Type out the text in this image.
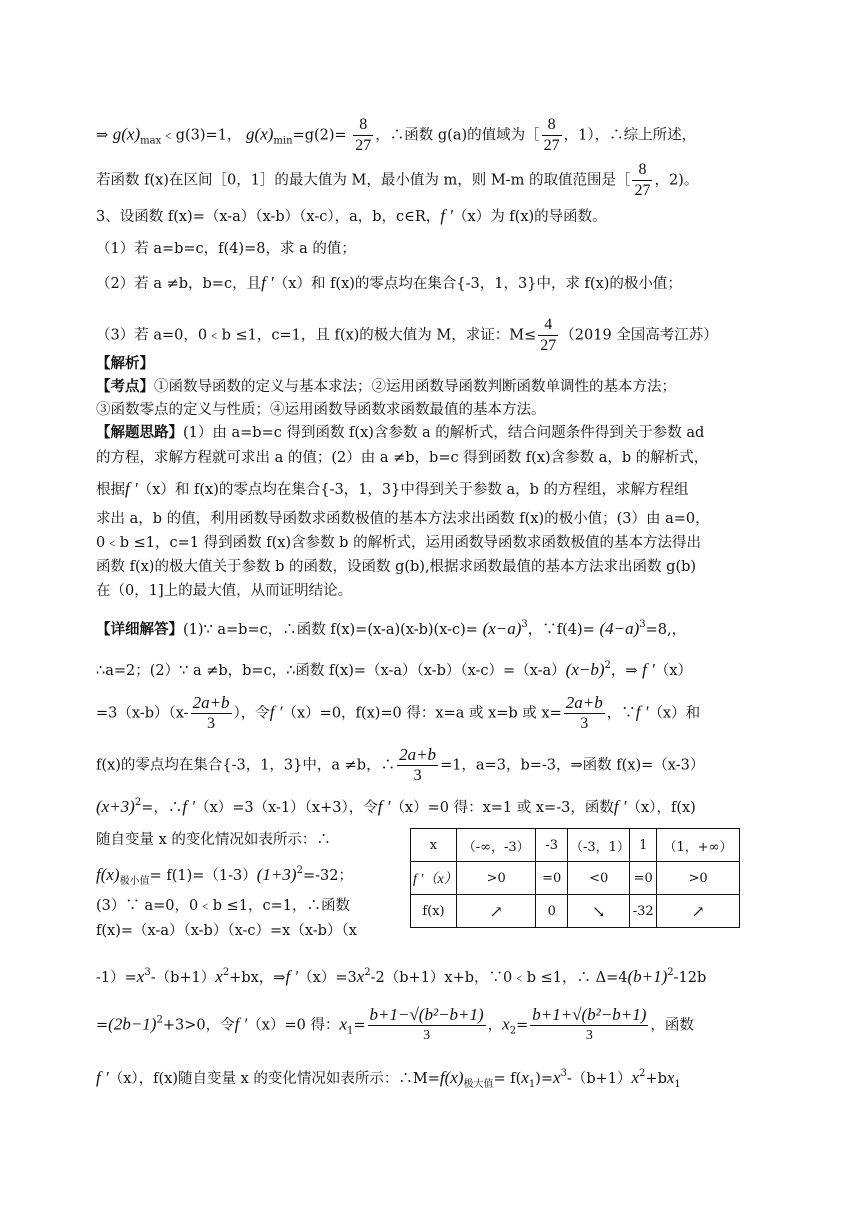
⇒ $g(x)_{max}﹤g(3)=1$， $g(x)_{min}=g(2)= \frac{8}{27}$ ，∴函数 g(a)的值域为［ $\frac{8}{27}$ ，1），∴综上所述，
若函数 f(x)在区间［0，1］的最大值为 M，最小值为 m，则 M-m 的取值范围是［ $\frac{8}{27}$ ，2)。
3、设函数 f(x)=（x-a）（x-b）（x-c），a，b，c∈R，f ′（x）为 f(x)的导函数。
（1）若 a=b=c，f(4)=8，求 a 的值；
（2）若 a ≠b，b=c，且f ′（x）和 f(x)的零点均在集合{-3，1，3}中，求 f(x)的极小值；
（3）若 a=0，0﹤b ≤1，c=1，且 f(x)的极大值为 M，求证：$M\le \frac{4}{27} (2019$ 全国高考江苏）
【解析】
【考点】①函数导函数的定义与基本求法；②运用函数导函数判断函数单调性的基本方法；
③函数零点的定义与性质；④运用函数导函数求函数最值的基本方法。
【解题思路】(1）由 a=b=c 得到函数 f(x)含参数 a 的解析式，结合问题条件得到关于参数 ad
的方程，求解方程就可求出 a 的值；(2）由 a ≠b，b=c 得到函数 f(x)含参数 a，b 的解析式，
根据f ′（x）和 f(x)的零点均在集合{-3，1，3}中得到关于参数 a，b 的方程组，求解方程组
求出 a，b 的值，利用函数导函数求函数极值的基本方法求出函数 f(x)的极小值；(3）由 a=0，
0﹤b ≤1，c=1 得到函数 f(x)含参数 b 的解析式，运用函数导函数求函数极值的基本方法得出
函数 f(x)的极大值关于参数 b 的函数，设函数 g(b),根据求函数最值的基本方法求出函数 g(b)
在（0，1]上的最大值，从而证明结论。
【详细解答】(1)∵ a=b=c，∴函数 $f(x)=(x-a)(x-b)(x-c)= (x-a)^3$，∵f(4)= $(4-a)^3=8$,，
∴a=2；(2）∵ a ≠b，b=c，∴函数 $f(x)=(x-a)(x-b)(x-c)=(x-a)(x-b)^2$，⇒ f ′（x）
$=3(x-b)(x- \frac{2a+b}{3}$ ），令f ′（x）=0，f(x)=0 得：x=a 或 x=b 或 $x= \frac{2a+b}{3}$ ，∵f ′（x）和
f(x)的零点均在集合{-3，1，3}中，a ≠b，∴ $\frac{2a+b}{3} =1$，a=3，b=-3，⇒函数 f(x)=（x-3）
$(x+3)^2=$，∴f ′（x）=3（x-1）（x+3），令f ′（x）=0 得：x=1 或 x=-3，函数f ′（x），f(x)
随自变量 x 的变化情况如表所示：∴
$f(x)_{极小值}= f(1)=(1-3)(1+3)^2=-32$；
(3）∵ a=0，0﹤b ≤1，c=1，∴函数
f(x)=（x-a）（x-b）（x-c）=x（x-b）（x
x	（-∞，-3）	-3	（-3，1）	1	（1，+∞）
f ′（x）	>0	=0	<0	=0	>0
f(x)	↗	0	↘	-32	↗
$-1)=x^3-(b+1)x^2+bx$，⇒f $'(x)=3x^2-2(b+1)x+b$，∵0﹤b ≤1，∴ $\Delta=4(b+1)^2-12b$
$=(2b-1)^2+3>0$，令f ′（x）=0 得：$x_1= \frac{\text{b+1−√(b²−b+1)}}{3}$ ，$x_2= \frac{\text{b+1+√(b²−b+1)}}{3}$ ，函数
f ′（x），f(x)随自变量 x 的变化情况如表所示：$\therefore M=f(x)_{极大值}= f(x_1)=x^3-(b+1)x^2+bx_1$
